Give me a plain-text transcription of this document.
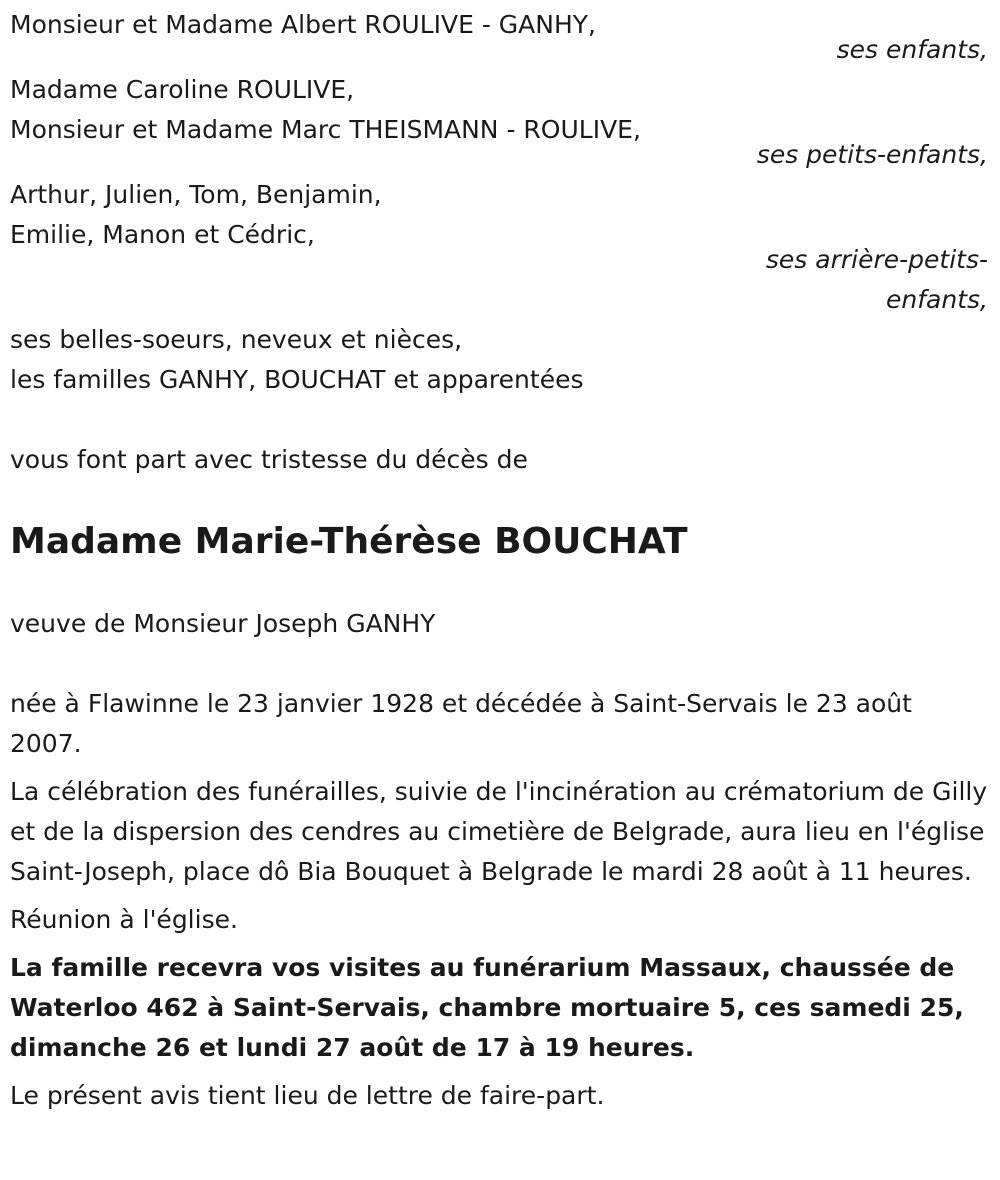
Monsieur et Madame Albert ROULIVE - GANHY,

ses enfants,

Madame Caroline ROULIVE,

Monsieur et Madame Marc THEISMANN - ROULIVE,

ses petits-enfants,

Arthur, Julien, Tom, Benjamin,

Emilie, Manon et Cédric,

ses arrière-petits-

enfants,

ses belles-soeurs, neveux et nièces,

les familles GANHY, BOUCHAT et apparentées

vous font part avec tristesse du décès de

Madame Marie-Thérèse BOUCHAT

veuve de Monsieur Joseph GANHY

née à Flawinne le 23 janvier 1928 et décédée à Saint-Servais le 23 août 2007.

La célébration des funérailles, suivie de l'incinération au crématorium de Gilly et de la dispersion des cendres au cimetière de Belgrade, aura lieu en l'église Saint-Joseph, place dô Bia Bouquet à Belgrade le mardi 28 août à 11 heures.

Réunion à l'église.

La famille recevra vos visites au funérarium Massaux, chaussée de Waterloo 462 à Saint-Servais, chambre mortuaire 5, ces samedi 25, dimanche 26 et lundi 27 août de 17 à 19 heures.

Le présent avis tient lieu de lettre de faire-part.
